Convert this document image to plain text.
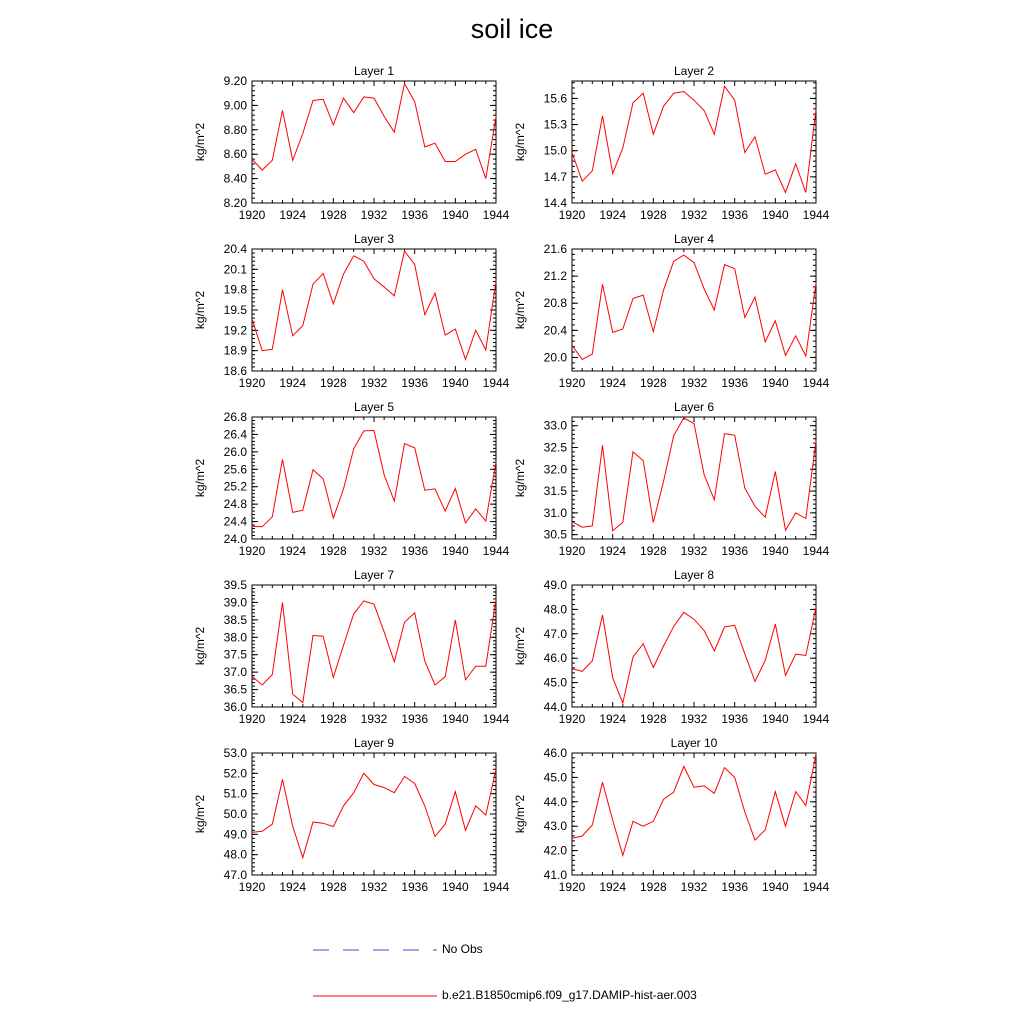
soil ice
Layer 1
1920 1924 1928 1932 1936 1940 1944
8.20
8.40
8.60
8.80
9.00
9.20
kg/m^2
Layer 2
1920 1924 1928 1932 1936 1940 1944
14.4
14.7
15.0
15.3
15.6
kg/m^2
Layer 3
1920 1924 1928 1932 1936 1940 1944
18.6
18.9
19.2
19.5
19.8
20.1
20.4
kg/m^2
Layer 4
1920 1924 1928 1932 1936 1940 1944
20.0
20.4
20.8
21.2
21.6
kg/m^2
Layer 5
1920 1924 1928 1932 1936 1940 1944
24.0
24.4
24.8
25.2
25.6
26.0
26.4
26.8
kg/m^2
Layer 6
1920 1924 1928 1932 1936 1940 1944
30.5
31.0
31.5
32.0
32.5
33.0
kg/m^2
Layer 7
1920 1924 1928 1932 1936 1940 1944
36.0
36.5
37.0
37.5
38.0
38.5
39.0
39.5
kg/m^2
Layer 8
1920 1924 1928 1932 1936 1940 1944
44.0
45.0
46.0
47.0
48.0
49.0
kg/m^2
Layer 9
1920 1924 1928 1932 1936 1940 1944
47.0
48.0
49.0
50.0
51.0
52.0
53.0
kg/m^2
Layer 10
1920 1924 1928 1932 1936 1940 1944
41.0
42.0
43.0
44.0
45.0
46.0
kg/m^2
No Obs
b.e21.B1850cmip6.f09_g17.DAMIP-hist-aer.003
